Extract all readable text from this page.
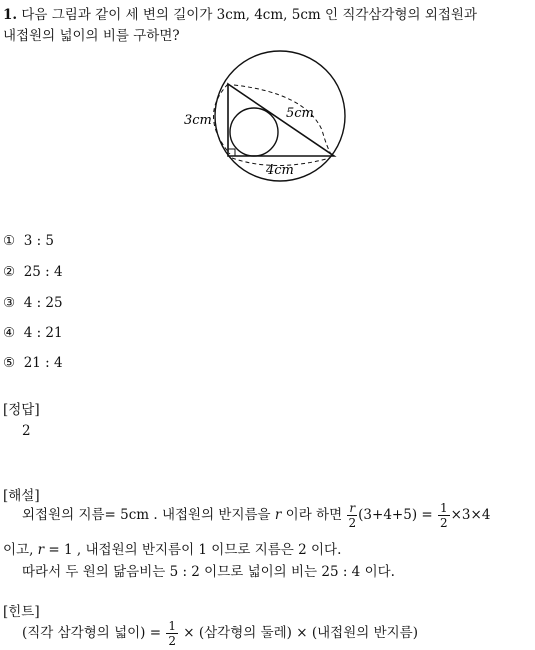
1. 다음 그림과 같이 세 변의 길이가 3cm, 4cm, 5cm 인 직각삼각형의 외접원과
내접원의 넓이의 비를 구하면?
3cm	5cm
4cm
① 3 : 5
② 25 : 4
③ 4 : 25
④ 4 : 21
⑤ 21 : 4
[정답]
2
[해설]
외접원의 지름= 5cm . 내접원의 반지름을 r 이라 하면 $\frac{r}{2} (3+4+5) = \frac{1}{2} \times 3\times 4$
이고, r = 1 , 내접원의 반지름이 1 이므로 지름은 2 이다.
따라서 두 원의 닮음비는 5 : 2 이므로 넓이의 비는 25 : 4 이다.
[힌트]
(직각 삼각형의 넓이) = $\frac{1}{2}$ × (삼각형의 둘레) × (내접원의 반지름)
